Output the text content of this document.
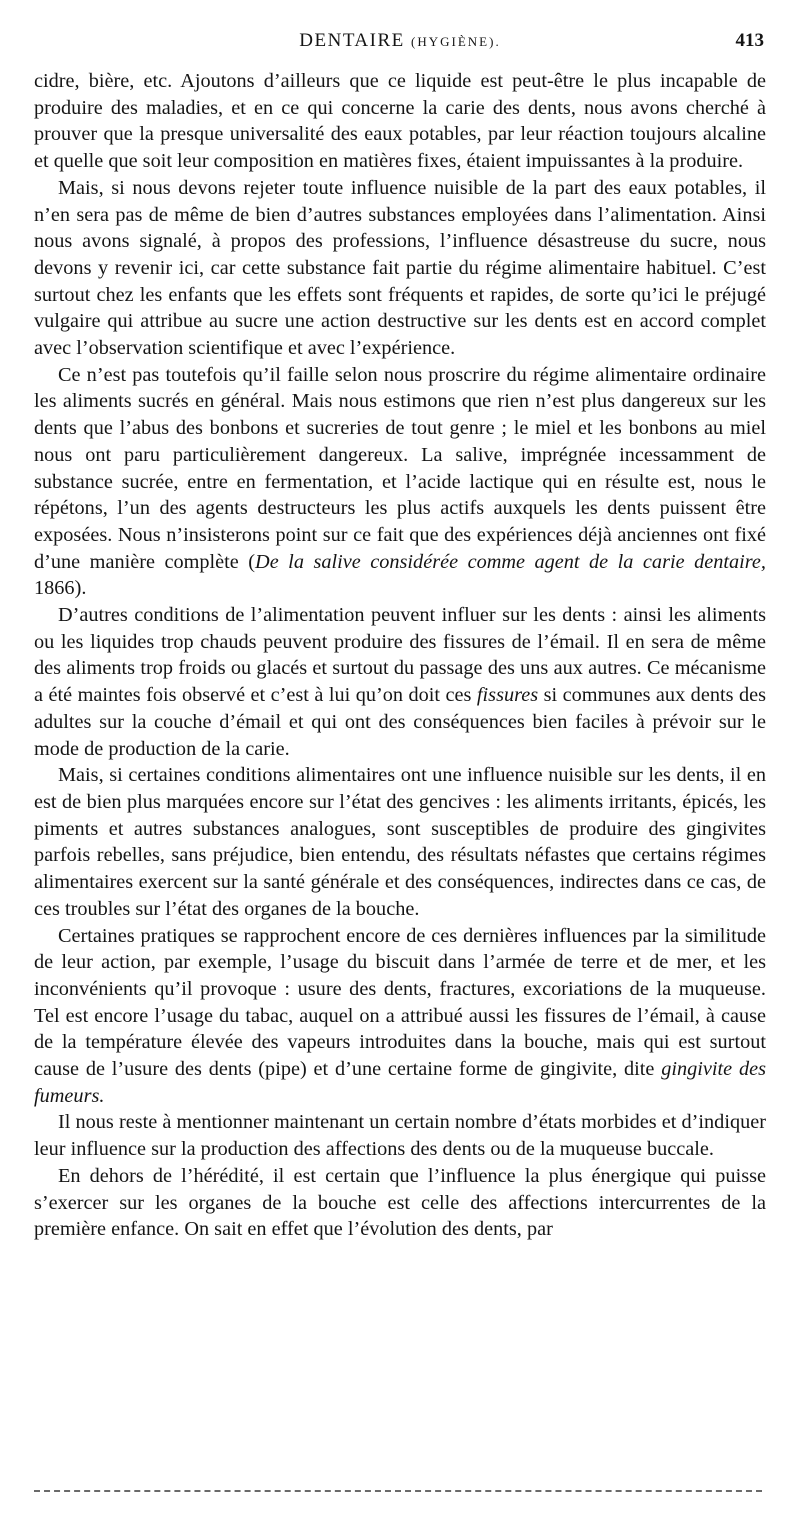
DENTAIRE (HYGIÈNE).	413

cidre, bière, etc. Ajoutons d’ailleurs que ce liquide est peut-être le plus incapable de produire des maladies, et en ce qui concerne la carie des dents, nous avons cherché à prouver que la presque universalité des eaux potables, par leur réaction toujours alcaline et quelle que soit leur composition en matières fixes, étaient impuissantes à la produire.

Mais, si nous devons rejeter toute influence nuisible de la part des eaux potables, il n’en sera pas de même de bien d’autres substances employées dans l’alimentation. Ainsi nous avons signalé, à propos des professions, l’influence désastreuse du sucre, nous devons y revenir ici, car cette substance fait partie du régime alimentaire habituel. C’est surtout chez les enfants que les effets sont fréquents et rapides, de sorte qu’ici le préjugé vulgaire qui attribue au sucre une action destructive sur les dents est en accord complet avec l’observation scientifique et avec l’expérience.

Ce n’est pas toutefois qu’il faille selon nous proscrire du régime alimentaire ordinaire les aliments sucrés en général. Mais nous estimons que rien n’est plus dangereux sur les dents que l’abus des bonbons et sucreries de tout genre ; le miel et les bonbons au miel nous ont paru particulièrement dangereux. La salive, imprégnée incessamment de substance sucrée, entre en fermentation, et l’acide lactique qui en résulte est, nous le répétons, l’un des agents destructeurs les plus actifs auxquels les dents puissent être exposées. Nous n’insisterons point sur ce fait que des expériences déjà anciennes ont fixé d’une manière complète (De la salive considérée comme agent de la carie dentaire, 1866).

D’autres conditions de l’alimentation peuvent influer sur les dents : ainsi les aliments ou les liquides trop chauds peuvent produire des fissures de l’émail. Il en sera de même des aliments trop froids ou glacés et surtout du passage des uns aux autres. Ce mécanisme a été maintes fois observé et c’est à lui qu’on doit ces fissures si communes aux dents des adultes sur la couche d’émail et qui ont des conséquences bien faciles à prévoir sur le mode de production de la carie.

Mais, si certaines conditions alimentaires ont une influence nuisible sur les dents, il en est de bien plus marquées encore sur l’état des gencives : les aliments irritants, épicés, les piments et autres substances analogues, sont susceptibles de produire des gingivites parfois rebelles, sans préjudice, bien entendu, des résultats néfastes que certains régimes alimentaires exercent sur la santé générale et des conséquences, indirectes dans ce cas, de ces troubles sur l’état des organes de la bouche.

Certaines pratiques se rapprochent encore de ces dernières influences par la similitude de leur action, par exemple, l’usage du biscuit dans l’armée de terre et de mer, et les inconvénients qu’il provoque : usure des dents, fractures, excoriations de la muqueuse. Tel est encore l’usage du tabac, auquel on a attribué aussi les fissures de l’émail, à cause de la température élevée des vapeurs introduites dans la bouche, mais qui est surtout cause de l’usure des dents (pipe) et d’une certaine forme de gingivite, dite gingivite des fumeurs.

Il nous reste à mentionner maintenant un certain nombre d’états morbides et d’indiquer leur influence sur la production des affections des dents ou de la muqueuse buccale.

En dehors de l’hérédité, il est certain que l’influence la plus énergique qui puisse s’exercer sur les organes de la bouche est celle des affections intercurrentes de la première enfance. On sait en effet que l’évolution des dents, par
